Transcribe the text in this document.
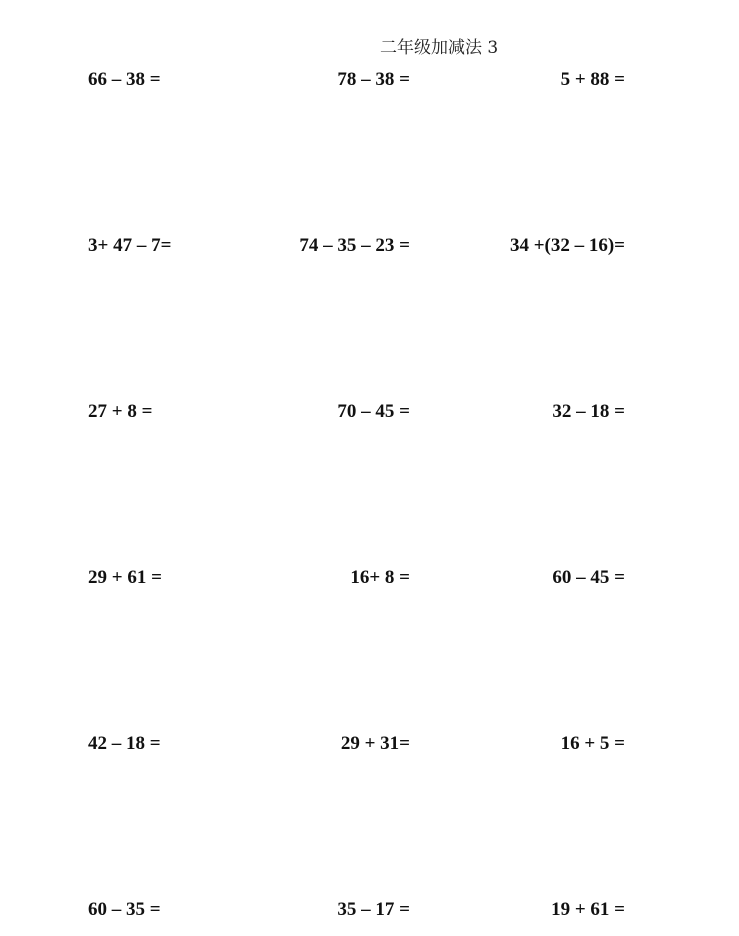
二年级加减法 3
66 – 38 =	78 – 38 =	5 + 88 =
3+ 47 – 7=	74 – 35 – 23 =	34 +(32 – 16)=
27 + 8 =	70 – 45 =	32 – 18 =
29 + 61 =	16+ 8 =	60 – 45 =
42 – 18 =	29 + 31=	16 + 5 =
60 – 35 =	35 – 17 =	19 + 61 =
